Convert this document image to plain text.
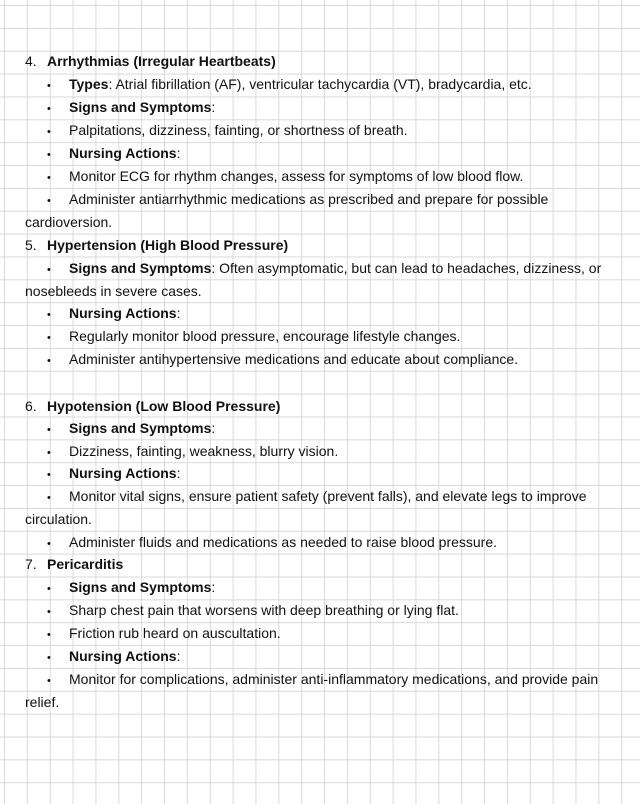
4. Arrhythmias (Irregular Heartbeats)
• Types: Atrial fibrillation (AF), ventricular tachycardia (VT), bradycardia, etc.
• Signs and Symptoms:
• Palpitations, dizziness, fainting, or shortness of breath.
• Nursing Actions:
• Monitor ECG for rhythm changes, assess for symptoms of low blood flow.
• Administer antiarrhythmic medications as prescribed and prepare for possible
cardioversion.
5. Hypertension (High Blood Pressure)
• Signs and Symptoms: Often asymptomatic, but can lead to headaches, dizziness, or
nosebleeds in severe cases.
• Nursing Actions:
• Regularly monitor blood pressure, encourage lifestyle changes.
• Administer antihypertensive medications and educate about compliance.
6. Hypotension (Low Blood Pressure)
• Signs and Symptoms:
• Dizziness, fainting, weakness, blurry vision.
• Nursing Actions:
• Monitor vital signs, ensure patient safety (prevent falls), and elevate legs to improve
circulation.
• Administer fluids and medications as needed to raise blood pressure.
7. Pericarditis
• Signs and Symptoms:
• Sharp chest pain that worsens with deep breathing or lying flat.
• Friction rub heard on auscultation.
• Nursing Actions:
• Monitor for complications, administer anti-inflammatory medications, and provide pain
relief.
